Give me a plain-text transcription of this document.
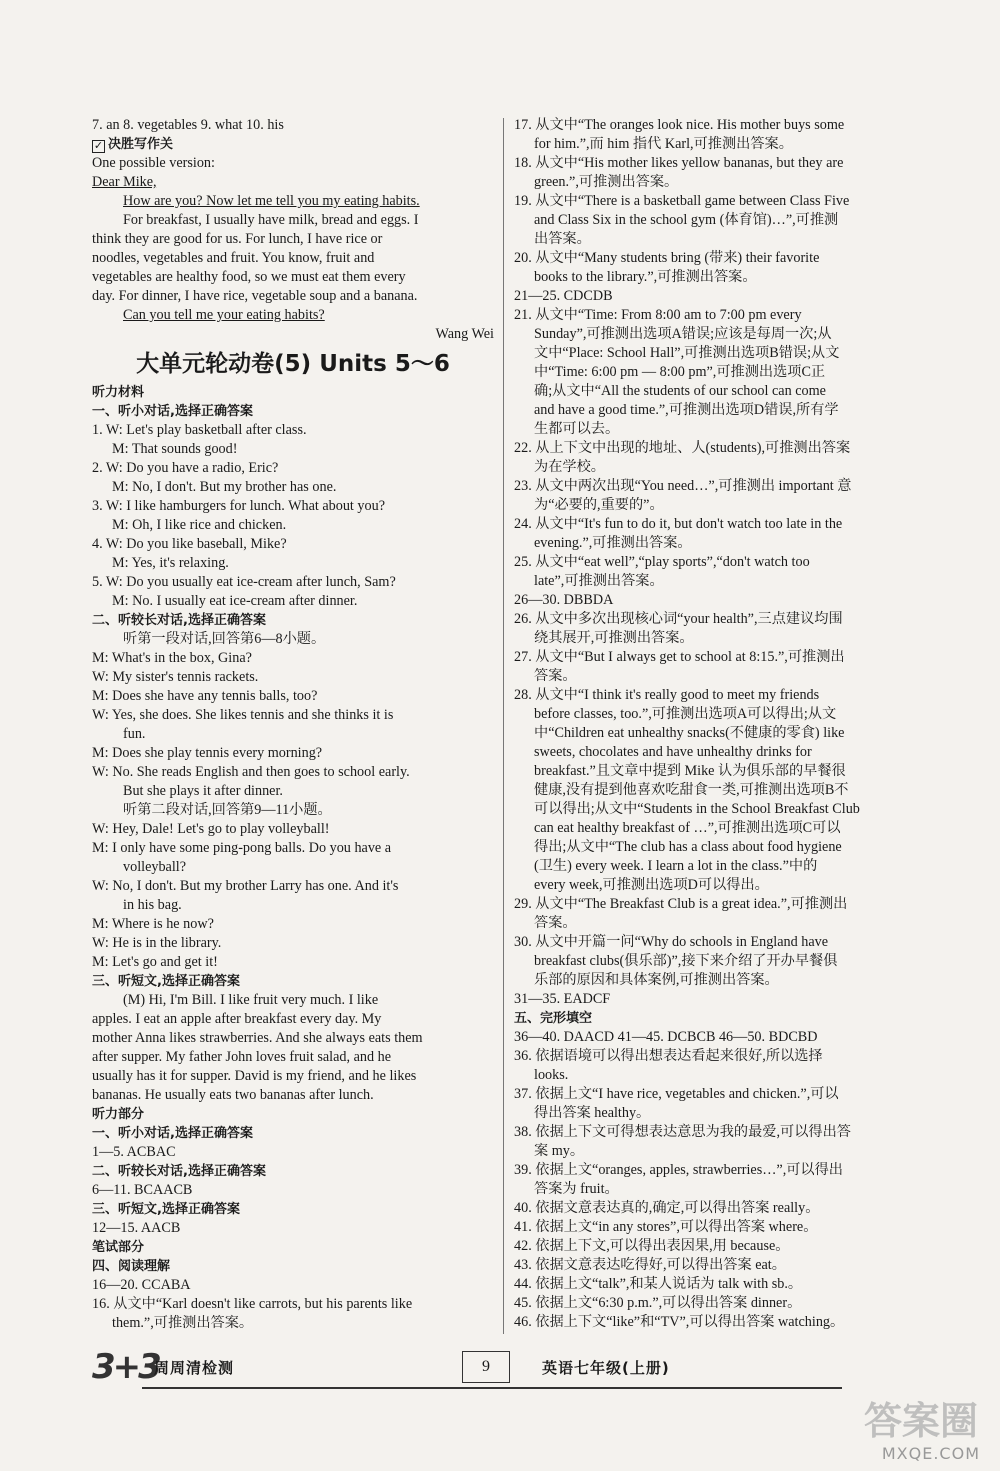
7. an 8. vegetables 9. what 10. his
✓ 决胜写作关
One possible version:
Dear Mike,
How are you? Now let me tell you my eating habits.
For breakfast, I usually have milk, bread and eggs. I
think they are good for us. For lunch, I have rice or
noodles, vegetables and fruit. You know, fruit and
vegetables are healthy food, so we must eat them every
day. For dinner, I have rice, vegetable soup and a banana.
Can you tell me your eating habits?
Wang Wei
大单元轮动卷(5) Units 5～6
听力材料
一、听小对话,选择正确答案
1. W: Let's play basketball after class.
M: That sounds good!
2. W: Do you have a radio, Eric?
M: No, I don't. But my brother has one.
3. W: I like hamburgers for lunch. What about you?
M: Oh, I like rice and chicken.
4. W: Do you like baseball, Mike?
M: Yes, it's relaxing.
5. W: Do you usually eat ice-cream after lunch, Sam?
M: No. I usually eat ice-cream after dinner.
二、听较长对话,选择正确答案
听第一段对话,回答第6—8小题。
M: What's in the box, Gina?
W: My sister's tennis rackets.
M: Does she have any tennis balls, too?
W: Yes, she does. She likes tennis and she thinks it is
fun.
M: Does she play tennis every morning?
W: No. She reads English and then goes to school early.
But she plays it after dinner.
听第二段对话,回答第9—11小题。
W: Hey, Dale! Let's go to play volleyball!
M: I only have some ping-pong balls. Do you have a
volleyball?
W: No, I don't. But my brother Larry has one. And it's
in his bag.
M: Where is he now?
W: He is in the library.
M: Let's go and get it!
三、听短文,选择正确答案
(M) Hi, I'm Bill. I like fruit very much. I like
apples. I eat an apple after breakfast every day. My
mother Anna likes strawberries. And she always eats them
after supper. My father John loves fruit salad, and he
usually has it for supper. David is my friend, and he likes
bananas. He usually eats two bananas after lunch.
听力部分
一、听小对话,选择正确答案
1—5. ACBAC
二、听较长对话,选择正确答案
6—11. BCAACB
三、听短文,选择正确答案
12—15. AACB
笔试部分
四、阅读理解
16—20. CCABA
16. 从文中“Karl doesn't like carrots, but his parents like
them.”,可推测出答案。
17. 从文中“The oranges look nice. His mother buys some
for him.”,而 him 指代 Karl,可推测出答案。
18. 从文中“His mother likes yellow bananas, but they are
green.”,可推测出答案。
19. 从文中“There is a basketball game between Class Five
and Class Six in the school gym (体育馆)…”,可推测
出答案。
20. 从文中“Many students bring (带来) their favorite
books to the library.”,可推测出答案。
21—25. CDCDB
21. 从文中“Time: From 8:00 am to 7:00 pm every
Sunday”,可推测出选项A错误;应该是每周一次;从
文中“Place: School Hall”,可推测出选项B错误;从文
中“Time: 6:00 pm — 8:00 pm”,可推测出选项C正
确;从文中“All the students of our school can come
and have a good time.”,可推测出选项D错误,所有学
生都可以去。
22. 从上下文中出现的地址、人(students),可推测出答案
为在学校。
23. 从文中两次出现“You need…”,可推测出 important 意
为“必要的,重要的”。
24. 从文中“It's fun to do it, but don't watch too late in the
evening.”,可推测出答案。
25. 从文中“eat well”,“play sports”,“don't watch too
late”,可推测出答案。
26—30. DBBDA
26. 从文中多次出现核心词“your health”,三点建议均围
绕其展开,可推测出答案。
27. 从文中“But I always get to school at 8:15.”,可推测出
答案。
28. 从文中“I think it's really good to meet my friends
before classes, too.”,可推测出选项A可以得出;从文
中“Children eat unhealthy snacks(不健康的零食) like
sweets, chocolates and have unhealthy drinks for
breakfast.”且文章中提到 Mike 认为俱乐部的早餐很
健康,没有提到他喜欢吃甜食一类,可推测出选项B不
可以得出;从文中“Students in the School Breakfast Club
can eat healthy breakfast of …”,可推测出选项C可以
得出;从文中“The club has a class about food hygiene
(卫生) every week. I learn a lot in the class.”中的
every week,可推测出选项D可以得出。
29. 从文中“The Breakfast Club is a great idea.”,可推测出
答案。
30. 从文中开篇一问“Why do schools in England have
breakfast clubs(俱乐部)”,接下来介绍了开办早餐俱
乐部的原因和具体案例,可推测出答案。
31—35. EADCF
五、完形填空
36—40. DAACD 41—45. DCBCB 46—50. BDCBD
36. 依据语境可以得出想表达看起来很好,所以选择
looks.
37. 依据上文“I have rice, vegetables and chicken.”,可以
得出答案 healthy。
38. 依据上下文可得想表达意思为我的最爱,可以得出答
案 my。
39. 依据上文“oranges, apples, strawberries…”,可以得出
答案为 fruit。
40. 依据文意表达真的,确定,可以得出答案 really。
41. 依据上文“in any stores”,可以得出答案 where。
42. 依据上下文,可以得出表因果,用 because。
43. 依据文意表达吃得好,可以得出答案 eat。
44. 依据上文“talk”,和某人说话为 talk with sb.。
45. 依据上文“6:30 p.m.”,可以得出答案 dinner。
46. 依据上下文“like”和“TV”,可以得出答案 watching。
3+3
周周清检测	9	英语七年级(上册)
答案圈
MXQE.COM
